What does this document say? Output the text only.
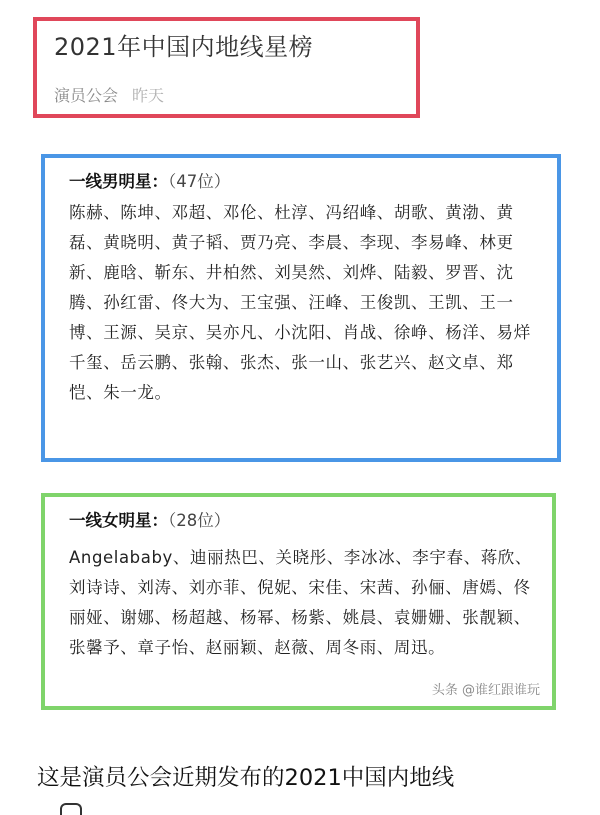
2021年中国内地线星榜
演员公会 昨天
一线男明星：（47位）
陈赫、陈坤、邓超、邓伦、杜淳、冯绍峰、胡歌、黄渤、黄磊、黄晓明、黄子韬、贾乃亮、李晨、李现、李易峰、林更新、鹿晗、靳东、井柏然、刘昊然、刘烨、陆毅、罗晋、沈腾、孙红雷、佟大为、王宝强、汪峰、王俊凯、王凯、王一博、王源、吴京、吴亦凡、小沈阳、肖战、徐峥、杨洋、易烊千玺、岳云鹏、张翰、张杰、张一山、张艺兴、赵文卓、郑恺、朱一龙。
一线女明星：（28位）
Angelababy、迪丽热巴、关晓彤、李冰冰、李宇春、蒋欣、刘诗诗、刘涛、刘亦菲、倪妮、宋佳、宋茜、孙俪、唐嫣、佟丽娅、谢娜、杨超越、杨幂、杨紫、姚晨、袁姗姗、张靓颖、张馨予、章子怡、赵丽颖、赵薇、周冬雨、周迅。
头条 @谁红跟谁玩
这是演员公会近期发布的2021中国内地线
